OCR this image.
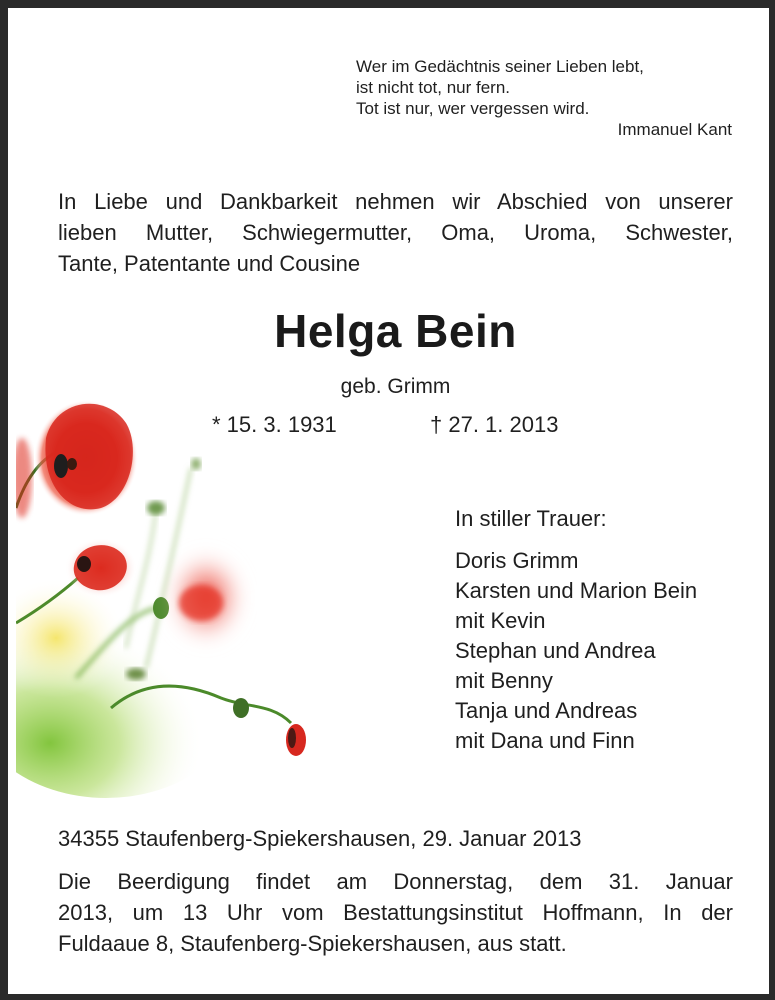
Wer im Gedächtnis seiner Lieben lebt,
ist nicht tot, nur fern.
Tot ist nur, wer vergessen wird.
Immanuel Kant
In Liebe und Dankbarkeit nehmen wir Abschied von unserer
lieben Mutter, Schwiegermutter, Oma, Uroma, Schwester,
Tante, Patentante und Cousine
Helga Bein
geb. Grimm
* 15. 3. 1931	† 27. 1. 2013
In stiller Trauer:
Doris Grimm
Karsten und Marion Bein
mit Kevin
Stephan und Andrea
mit Benny
Tanja und Andreas
mit Dana und Finn
34355 Staufenberg-Spiekershausen, 29. Januar 2013
Die Beerdigung findet am Donnerstag, dem 31. Januar
2013, um 13 Uhr vom Bestattungsinstitut Hoffmann, In der
Fuldaaue 8, Staufenberg-Spiekershausen, aus statt.
